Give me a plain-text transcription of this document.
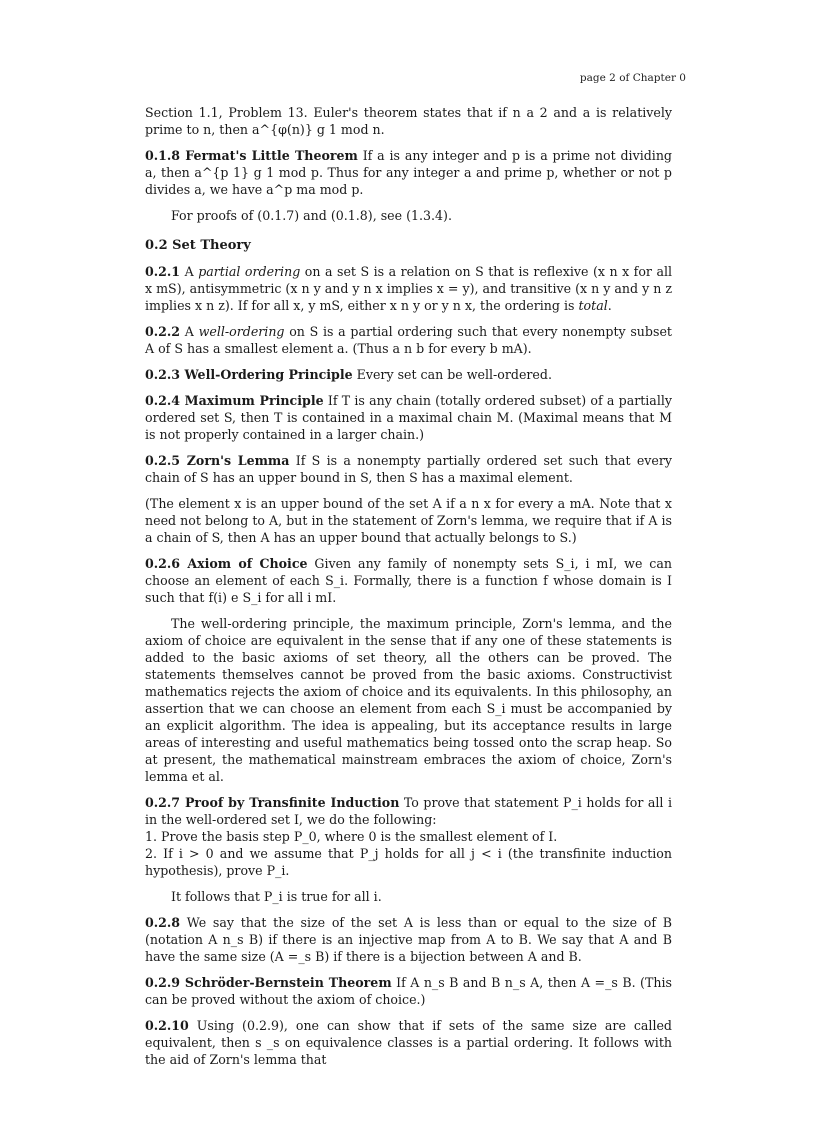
page 2 of Chapter 0

Section 1.1, Problem 13. Euler's theorem states that if n a 2 and a is relatively prime to n, then a^{φ(n)} g 1 mod n.

0.1.8 Fermat's Little Theorem If a is any integer and p is a prime not dividing a, then a^{p 1} g 1 mod p. Thus for any integer a and prime p, whether or not p divides a, we have a^p ma mod p.

For proofs of (0.1.7) and (0.1.8), see (1.3.4).

0.2 Set Theory

0.2.1 A partial ordering on a set S is a relation on S that is reflexive (x n x for all x mS), antisymmetric (x n y and y n x implies x = y), and transitive (x n y and y n z implies x n z). If for all x, y mS, either x n y or y n x, the ordering is total.

0.2.2 A well-ordering on S is a partial ordering such that every nonempty subset A of S has a smallest element a. (Thus a n b for every b mA).

0.2.3 Well-Ordering Principle Every set can be well-ordered.

0.2.4 Maximum Principle If T is any chain (totally ordered subset) of a partially ordered set S, then T is contained in a maximal chain M. (Maximal means that M is not properly contained in a larger chain.)

0.2.5 Zorn's Lemma If S is a nonempty partially ordered set such that every chain of S has an upper bound in S, then S has a maximal element.

(The element x is an upper bound of the set A if a n x for every a mA. Note that x need not belong to A, but in the statement of Zorn's lemma, we require that if A is a chain of S, then A has an upper bound that actually belongs to S.)

0.2.6 Axiom of Choice Given any family of nonempty sets S_i, i mI, we can choose an element of each S_i. Formally, there is a function f whose domain is I such that f(i) e S_i for all i mI.

The well-ordering principle, the maximum principle, Zorn's lemma, and the axiom of choice are equivalent in the sense that if any one of these statements is added to the basic axioms of set theory, all the others can be proved. The statements themselves cannot be proved from the basic axioms. Constructivist mathematics rejects the axiom of choice and its equivalents. In this philosophy, an assertion that we can choose an element from each S_i must be accompanied by an explicit algorithm. The idea is appealing, but its acceptance results in large areas of interesting and useful mathematics being tossed onto the scrap heap. So at present, the mathematical mainstream embraces the axiom of choice, Zorn's lemma et al.

0.2.7 Proof by Transfinite Induction To prove that statement P_i holds for all i in the well-ordered set I, we do the following:

1. Prove the basis step P_0, where 0 is the smallest element of I.

2. If i > 0 and we assume that P_j holds for all j < i (the transfinite induction hypothesis), prove P_i.

It follows that P_i is true for all i.

0.2.8 We say that the size of the set A is less than or equal to the size of B (notation A n_s B) if there is an injective map from A to B. We say that A and B have the same size (A =_s B) if there is a bijection between A and B.

0.2.9 Schröder-Bernstein Theorem If A n_s B and B n_s A, then A =_s B. (This can be proved without the axiom of choice.)

0.2.10 Using (0.2.9), one can show that if sets of the same size are called equivalent, then s _s on equivalence classes is a partial ordering. It follows with the aid of Zorn's lemma that
